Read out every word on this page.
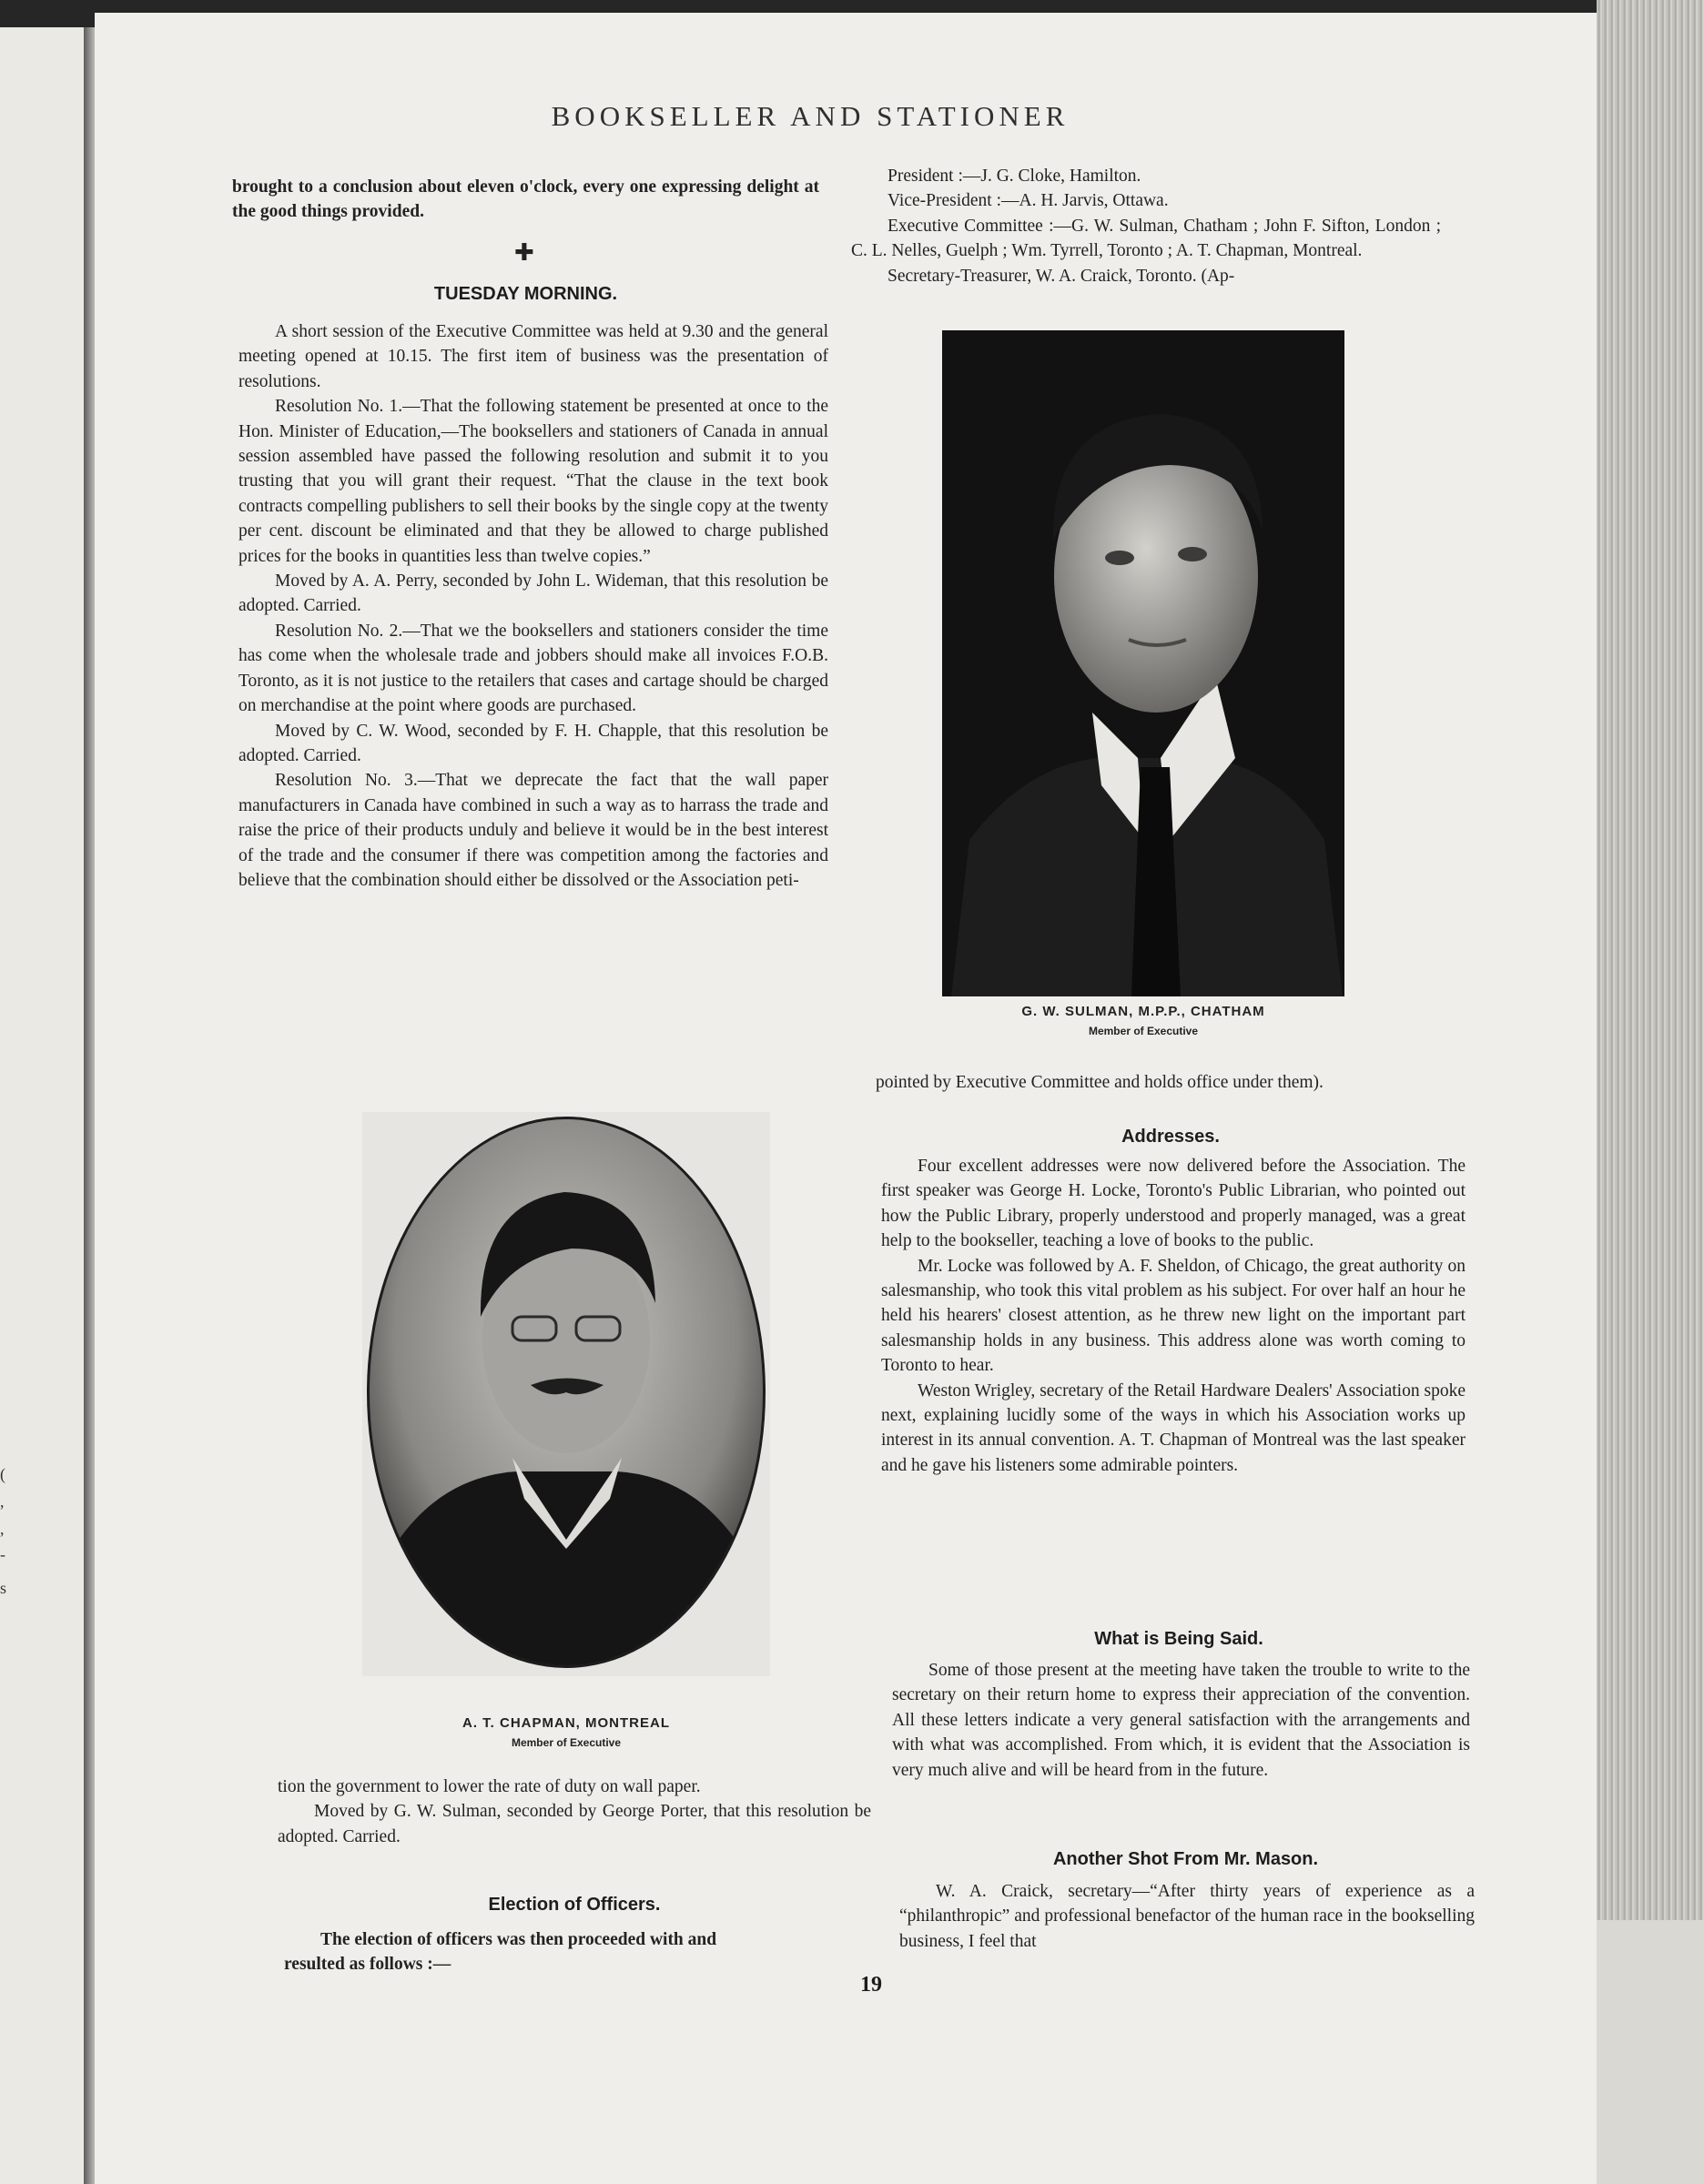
(
,
,
-
s
BOOKSELLER AND STATIONER

brought to a conclusion about eleven o'clock, every one expressing delight at the good things provided.

✚
TUESDAY MORNING.

A short session of the Executive Committee was held at 9.30 and the general meeting opened at 10.15. The first item of business was the presentation of resolutions.

Resolution No. 1.—That the following statement be presented at once to the Hon. Minister of Education,—The booksellers and stationers of Canada in annual session assembled have passed the following resolution and submit it to you trusting that you will grant their request. “That the clause in the text book contracts compelling publishers to sell their books by the single copy at the twenty per cent. discount be eliminated and that they be allowed to charge published prices for the books in quantities less than twelve copies.”

Moved by A. A. Perry, seconded by John L. Wideman, that this resolution be adopted. Carried.

Resolution No. 2.—That we the booksellers and stationers consider the time has come when the wholesale trade and jobbers should make all invoices F.O.B. Toronto, as it is not justice to the retailers that cases and cartage should be charged on merchandise at the point where goods are purchased.

Moved by C. W. Wood, seconded by F. H. Chapple, that this resolution be adopted. Carried.

Resolution No. 3.—That we deprecate the fact that the wall paper manufacturers in Canada have combined in such a way as to harrass the trade and raise the price of their products unduly and believe it would be in the best interest of the trade and the consumer if there was competition among the factories and believe that the combination should either be dissolved or the Association peti-

A. T. CHAPMAN, MONTREAL
Member of Executive

tion the government to lower the rate of duty on wall paper.

Moved by G. W. Sulman, seconded by George Porter, that this resolution be adopted. Carried.

Election of Officers.

The election of officers was then proceeded with and

resulted as follows :—

President :—J. G. Cloke, Hamilton.

Vice-President :—A. H. Jarvis, Ottawa.

Executive Committee :—G. W. Sulman, Chatham ; John F. Sifton, London ; C. L. Nelles, Guelph ; Wm. Tyrrell, Toronto ; A. T. Chapman, Montreal.

Secretary-Treasurer, W. A. Craick, Toronto. (Ap-

G. W. SULMAN, M.P.P., CHATHAM
Member of Executive

pointed by Executive Committee and holds office under them).

Addresses.

Four excellent addresses were now delivered before the Association. The first speaker was George H. Locke, Toronto's Public Librarian, who pointed out how the Public Library, properly understood and properly managed, was a great help to the bookseller, teaching a love of books to the public.

Mr. Locke was followed by A. F. Sheldon, of Chicago, the great authority on salesmanship, who took this vital problem as his subject. For over half an hour he held his hearers' closest attention, as he threw new light on the important part salesmanship holds in any business. This address alone was worth coming to Toronto to hear.

Weston Wrigley, secretary of the Retail Hardware Dealers' Association spoke next, explaining lucidly some of the ways in which his Association works up interest in its annual convention. A. T. Chapman of Montreal was the last speaker and he gave his listeners some admirable pointers.

What is Being Said.

Some of those present at the meeting have taken the trouble to write to the secretary on their return home to express their appreciation of the convention. All these letters indicate a very general satisfaction with the arrangements and with what was accomplished. From which, it is evident that the Association is very much alive and will be heard from in the future.

Another Shot From Mr. Mason.

W. A. Craick, secretary—“After thirty years of experience as a “philanthropic” and professional benefactor of the human race in the bookselling business, I feel that

19
